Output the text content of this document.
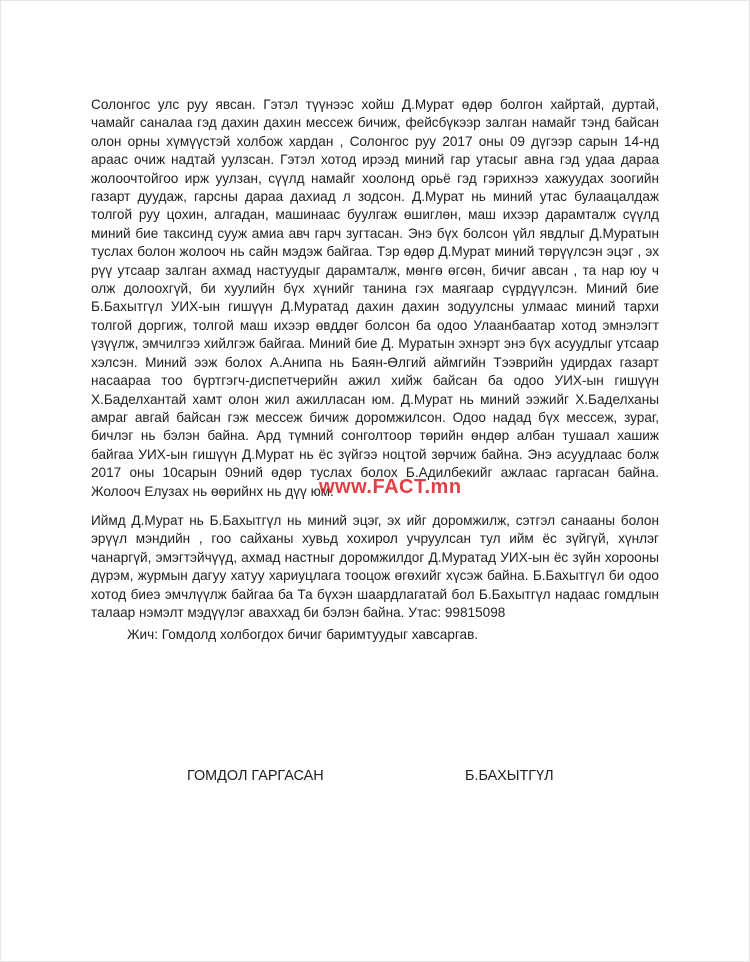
Солонгос улс руу явсан. Гэтэл түүнээс хойш Д.Мурат өдөр болгон хайртай, дуртай, чамайг саналаа гэд дахин дахин мессеж бичиж, фейсбүкээр залган намайг тэнд байсан олон орны хүмүүстэй холбож хардан , Солонгос руу 2017 оны 09 дүгээр сарын 14-нд араас очиж надтай уулзсан. Гэтэл хотод ирээд миний гар утасыг авна гэд удаа дараа жолоочтойгоо ирж уулзан, сүүлд намайг хоолонд орьё гэд гэрихнээ хажуудах зоогийн газарт дуудаж, гарсны дараа дахиад л зодсон. Д.Мурат нь миний утас булаацалдаж толгой руу цохин, алгадан, машинаас буулгаж өшиглөн, маш ихээр дарамталж сүүлд миний бие таксинд сууж амиа авч гарч зугтасан. Энэ бүх болсон үйл явдлыг Д.Муратын туслах болон жолооч нь сайн мэдэж байгаа. Тэр өдөр Д.Мурат миний төрүүлсэн эцэг , эх рүү утсаар залган ахмад настуудыг дарамталж, мөнгө өгсөн, бичиг авсан , та нар юу ч олж долоохгүй, би хуулийн бүх хүнийг танина гэх маягаар сүрдүүлсэн. Миний бие Б.Бахытгүл УИХ-ын гишүүн Д.Муратад дахин дахин зодуулсны улмаас миний тархи толгой доргиж, толгой маш ихээр өвддөг болсон ба одоо Улаанбаатар хотод эмнэлэгт үзүүлж, эмчилгээ хийлгэж байгаа. Миний бие Д. Муратын эхнэрт энэ бүх асуудлыг утсаар хэлсэн. Миний ээж болох А.Анипа нь Баян-Өлгий аймгийн Тээврийн удирдах газарт насаараа тоо бүртгэгч-диспетчерийн ажил хийж байсан ба одоо УИХ-ын гишүүн Х.Баделхантай хамт олон жил ажилласан юм. Д.Мурат нь миний ээжийг Х.Баделханы амраг авгай байсан гэж мессеж бичиж доромжилсон. Одоо надад бүх мессеж, зураг, бичлэг нь бэлэн байна. Ард түмний сонголтоор төрийн өндөр албан тушаал хашиж байгаа УИХ-ын гишүүн Д.Мурат нь ёс зүйгээ ноцтой зөрчиж байна. Энэ асуудлаас болж 2017 оны 10сарын 09ний өдөр туслах болох Б.Адилбекийг ажлаас гаргасан байна. Жолооч Елузах нь өөрийнх нь дүү юм.

Иймд Д.Мурат нь Б.Бахытгүл нь миний эцэг, эх ийг доромжилж, сэтгэл санааны болон эрүүл мэндийн , гоо сайханы хувьд хохирол учруулсан тул ийм ёс зүйгүй, хүнлэг чанаргүй, эмэгтэйчүүд, ахмад настныг доромжилдог Д.Муратад УИХ-ын ёс зүйн хорооны дүрэм, журмын дагуу хатуу хариуцлага тооцож өгөхийг хүсэж байна. Б.Бахытгүл би одоо хотод биеэ эмчлүүлж байгаа ба Та бүхэн шаардлагатай бол Б.Бахытгүл надаас гомдлын талаар нэмэлт мэдүүлэг аваххад би бэлэн байна. Утас: 99815098

Жич: Гомдолд холбогдох бичиг баримтуудыг хавсаргав.

www.FACT.mn
ГОМДОЛ ГАРГАСАН	Б.БАХЫТГҮЛ
